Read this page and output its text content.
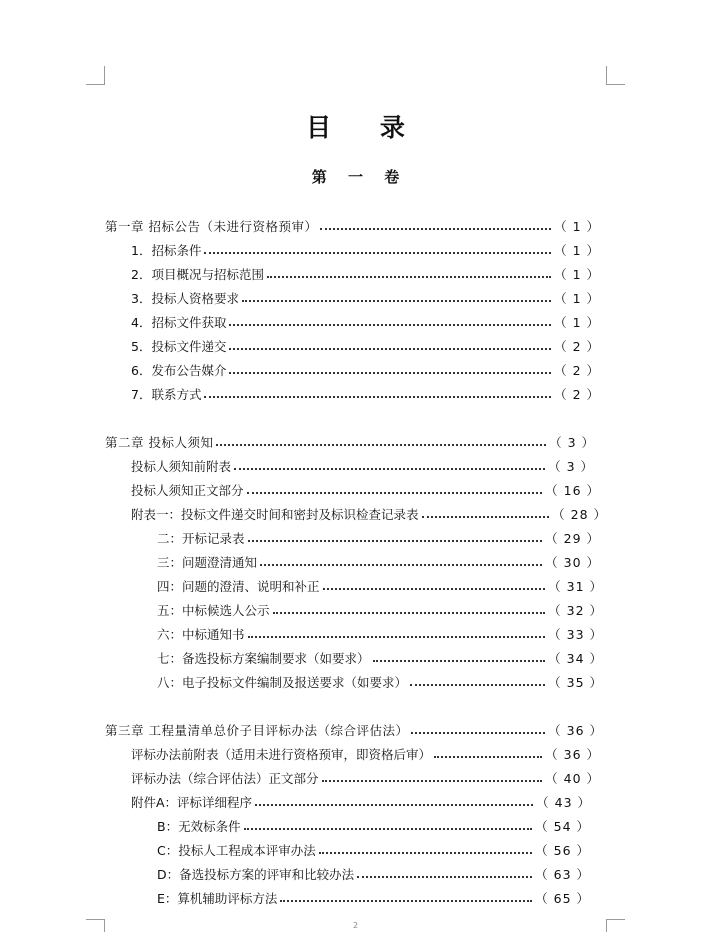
目 录
第 一 卷
第一章 招标公告（未进行资格预审）	（ 1 ）
1．招标条件	（ 1 ）
2．项目概况与招标范围	（ 1 ）
3．投标人资格要求	（ 1 ）
4．招标文件获取	（ 1 ）
5．投标文件递交	（ 2 ）
6．发布公告媒介	（ 2 ）
7．联系方式	（ 2 ）
第二章 投标人须知	（ 3 ）
投标人须知前附表	（ 3 ）
投标人须知正文部分	（ 16 ）
附表一：投标文件递交时间和密封及标识检查记录表	（ 28 ）
二：开标记录表	（ 29 ）
三：问题澄清通知	（ 30 ）
四：问题的澄清、说明和补正	（ 31 ）
五：中标候选人公示	（ 32 ）
六：中标通知书	（ 33 ）
七：备选投标方案编制要求（如要求）	（ 34 ）
八：电子投标文件编制及报送要求（如要求）	（ 35 ）
第三章 工程量清单总价子目评标办法（综合评估法）	（ 36 ）
评标办法前附表（适用未进行资格预审，即资格后审）	（ 36 ）
评标办法（综合评估法）正文部分	（ 40 ）
附件A：评标详细程序	（ 43 ）
B：无效标条件	（ 54 ）
C：投标人工程成本评审办法	（ 56 ）
D：备选投标方案的评审和比较办法	（ 63 ）
E：算机辅助评标方法	（ 65 ）
2
